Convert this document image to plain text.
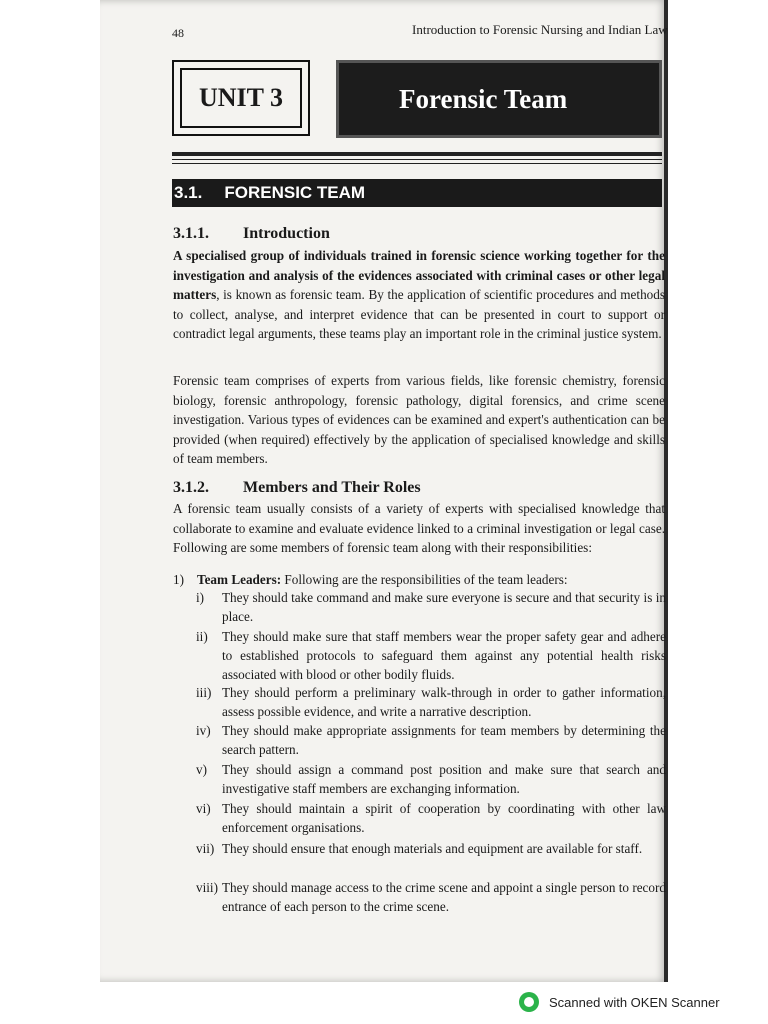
48	Introduction to Forensic Nursing and Indian Law
UNIT 3	Forensic Team
3.1. FORENSIC TEAM
3.1.1. Introduction

A specialised group of individuals trained in forensic science working together for the investigation and analysis of the evidences associated with criminal cases or other legal matters, is known as forensic team. By the application of scientific procedures and methods to collect, analyse, and interpret evidence that can be presented in court to support or contradict legal arguments, these teams play an important role in the criminal justice system.

Forensic team comprises of experts from various fields, like forensic chemistry, forensic biology, forensic anthropology, forensic pathology, digital forensics, and crime scene investigation. Various types of evidences can be examined and expert's authentication can be provided (when required) effectively by the application of specialised knowledge and skills of team members.

3.1.2. Members and Their Roles

A forensic team usually consists of a variety of experts with specialised knowledge that collaborate to examine and evaluate evidence linked to a criminal investigation or legal case. Following are some members of forensic team along with their responsibilities:

1) Team Leaders: Following are the responsibilities of the team leaders:
i)	They should take command and make sure everyone is secure and that security is in place.
ii)	They should make sure that staff members wear the proper safety gear and adhere to established protocols to safeguard them against any potential health risks associated with blood or other bodily fluids.
iii) They should perform a preliminary walk-through in order to gather information, assess possible evidence, and write a narrative description.
iv) They should make appropriate assignments for team members by determining the search pattern.
v)	They should assign a command post position and make sure that search and investigative staff members are exchanging information.
vi) They should maintain a spirit of cooperation by coordinating with other law enforcement organisations.
vii) They should ensure that enough materials and equipment are available for staff.
viii) They should manage access to the crime scene and appoint a single person to record entrance of each person to the crime scene.
Scanned with OKEN Scanner
